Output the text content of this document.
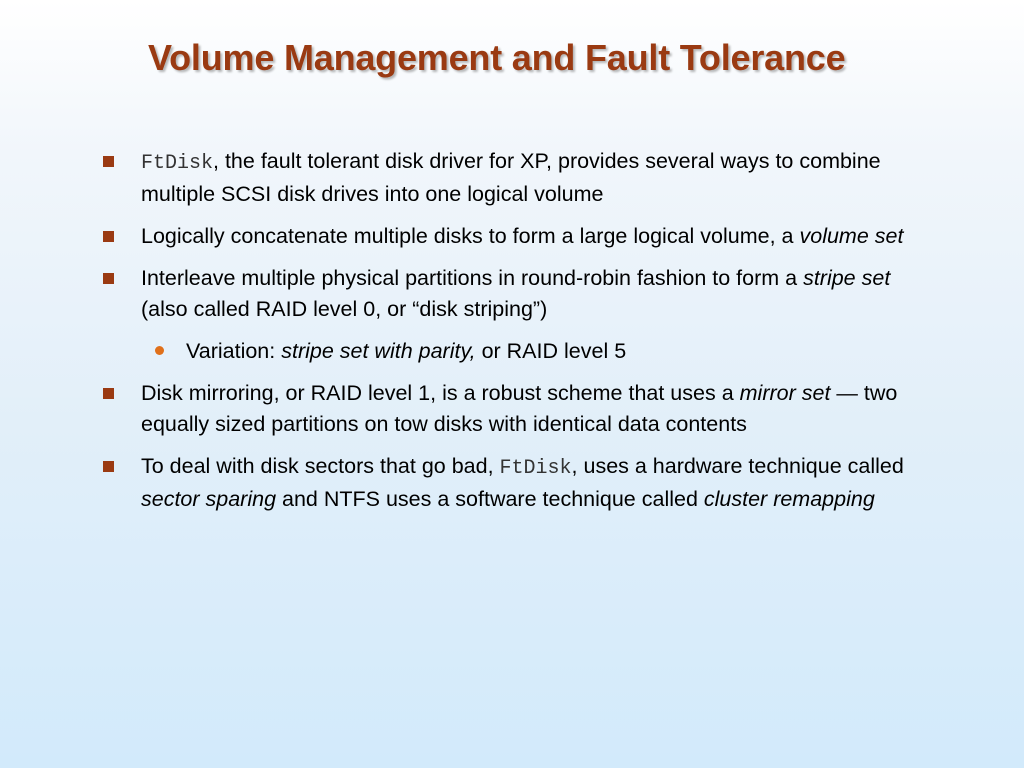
Volume Management and Fault Tolerance
FtDisk, the fault tolerant disk driver for XP, provides several ways to combine multiple SCSI disk drives into one logical volume
Logically concatenate multiple disks to form a large logical volume, a volume set
Interleave multiple physical partitions in round-robin fashion to form a stripe set (also called RAID level 0, or “disk striping”)
Variation: stripe set with parity, or RAID level 5
Disk mirroring, or RAID level 1, is a robust scheme that uses a mirror set — two equally sized partitions on tow disks with identical data contents
To deal with disk sectors that go bad, FtDisk, uses a hardware technique called sector sparing and NTFS uses a software technique called cluster remapping
